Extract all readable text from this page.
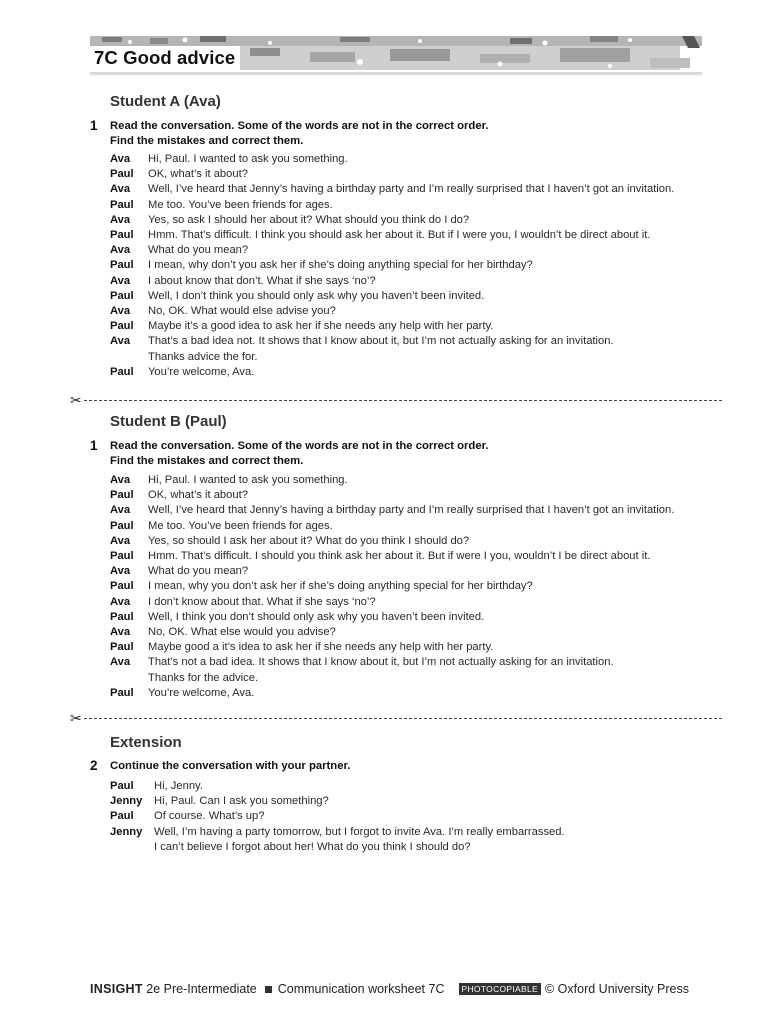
7C Good advice

Student A (Ava)

1 Read the conversation. Some of the words are not in the correct order.
Find the mistakes and correct them.
Ava	Hi, Paul. I wanted to ask you something.
Paul	OK, what’s it about?
Ava	Well, I’ve heard that Jenny’s having a birthday party and I’m really surprised that I haven’t got an invitation.
Paul	Me too. You’ve been friends for ages.
Ava	Yes, so ask I should her about it? What should you think do I do?
Paul	Hmm. That’s difficult. I think you should ask her about it. But if I were you, I wouldn’t be direct about it.
Ava	What do you mean?
Paul	I mean, why don’t you ask her if she’s doing anything special for her birthday?
Ava	I about know that don’t. What if she says ‘no’?
Paul	Well, I don’t think you should only ask why you haven’t been invited.
Ava	No, OK. What would else advise you?
Paul	Maybe it’s a good idea to ask her if she needs any help with her party.
Ava	That’s a bad idea not. It shows that I know about it, but I’m not actually asking for an invitation.
Thanks advice the for.
Paul	You’re welcome, Ava.
✂

Student B (Paul)

1 Read the conversation. Some of the words are not in the correct order.
Find the mistakes and correct them.
Ava	Hi, Paul. I wanted to ask you something.
Paul	OK, what’s it about?
Ava	Well, I’ve heard that Jenny’s having a birthday party and I’m really surprised that I haven’t got an invitation.
Paul	Me too. You’ve been friends for ages.
Ava	Yes, so should I ask her about it? What do you think I should do?
Paul	Hmm. That’s difficult. I should you think ask her about it. But if were I you, wouldn’t I be direct about it.
Ava	What do you mean?
Paul	I mean, why you don’t ask her if she’s doing anything special for her birthday?
Ava	I don’t know about that. What if she says ‘no’?
Paul	Well, I think you don’t should only ask why you haven’t been invited.
Ava	No, OK. What else would you advise?
Paul	Maybe good a it’s idea to ask her if she needs any help with her party.
Ava	That’s not a bad idea. It shows that I know about it, but I’m not actually asking for an invitation.
Thanks for the advice.
Paul	You’re welcome, Ava.
✂

Extension

2 Continue the conversation with your partner.
Paul	Hi, Jenny.
Jenny	Hi, Paul. Can I ask you something?
Paul	Of course. What’s up?
Jenny	Well, I’m having a party tomorrow, but I forgot to invite Ava. I’m really embarrassed.
I can’t believe I forgot about her! What do you think I should do?
INSIGHT 2e Pre-Intermediate Communication worksheet 7C	PHOTOCOPIABLE © Oxford University Press
